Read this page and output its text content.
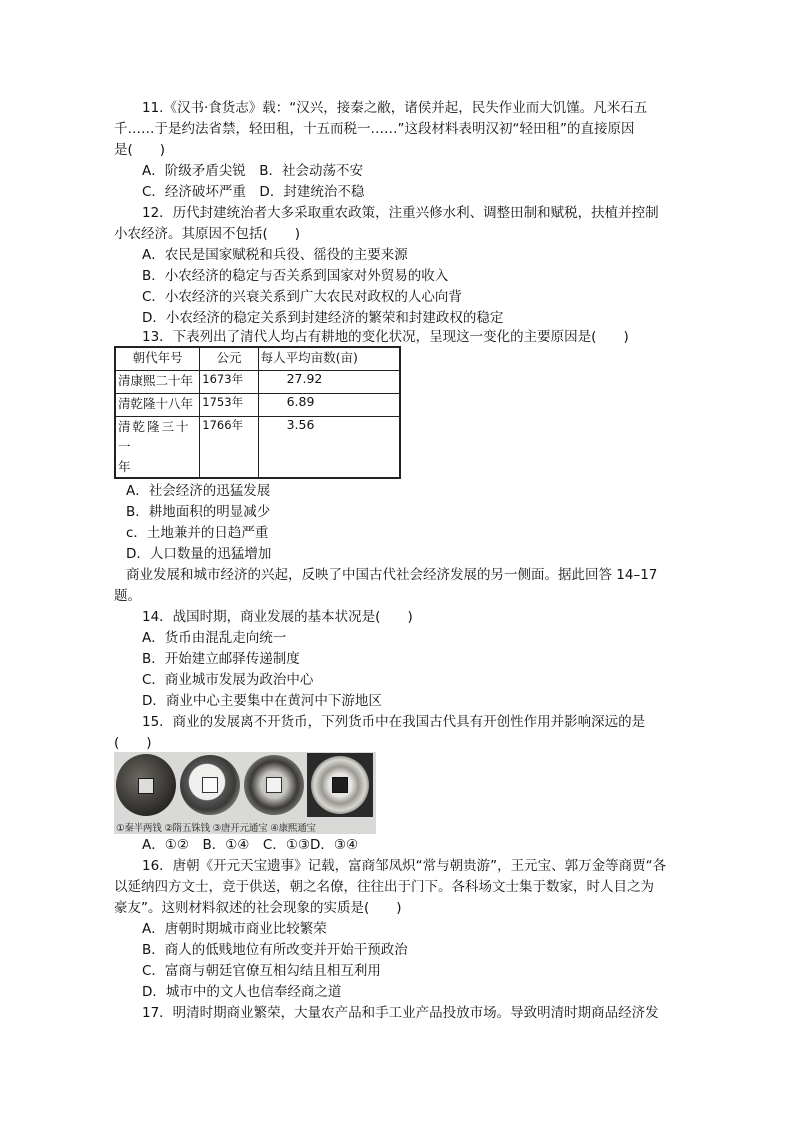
11.《汉书·食货志》载：“汉兴，接秦之敝，诸侯并起，民失作业而大饥馑。凡米石五
千……于是约法省禁，轻田租，十五而税一……”这段材料表明汉初“轻田租”的直接原因
是(　　)
A．阶级矛盾尖锐　B．社会动荡不安
C．经济破坏严重　D．封建统治不稳
12．历代封建统治者大多采取重农政策，注重兴修水利、调整田制和赋税，扶植并控制
小农经济。其原因不包括(　　)
A．农民是国家赋税和兵役、徭役的主要来源
B．小农经济的稳定与否关系到国家对外贸易的收入
C．小农经济的兴衰关系到广大农民对政权的人心向背
D．小农经济的稳定关系到封建经济的繁荣和封建政权的稳定
13．下表列出了清代人均占有耕地的变化状况，呈现这一变化的主要原因是(　　)
朝代年号	公元	每人平均亩数(亩)
清康熙二十年	1673年	27.92
清乾隆十八年	1753年	6.89
清乾隆三十一
年	1766年	3.56
A．社会经济的迅猛发展
B．耕地面积的明显减少
c．土地兼并的日趋严重
D．人口数量的迅猛增加
商业发展和城市经济的兴起，反映了中国古代社会经济发展的另一侧面。据此回答 14–17
题。
14．战国时期，商业发展的基本状况是(　　)
A．货币由混乱走向统一
B．开始建立邮驿传递制度
C．商业城市发展为政治中心
D．商业中心主要集中在黄河中下游地区
15．商业的发展离不开货币，下列货币中在我国古代具有开创性作用并影响深远的是
(　　)
①秦半两钱 ②隋五铢钱 ③唐开元通宝 ④康熙通宝
A．①②　B．①④　C．①③D．③④
16．唐朝《开元天宝遗事》记载，富商邹凤炽“常与朝贵游”，王元宝、郭万金等商贾“各
以延纳四方文士，竞于供送，朝之名僚，往往出于门下。各科场文士集于数家，时人目之为
豪友”。这则材料叙述的社会现象的实质是(　　)
A．唐朝时期城市商业比较繁荣
B．商人的低贱地位有所改变并开始干预政治
C．富商与朝廷官僚互相勾结且相互利用
D．城市中的文人也信奉经商之道
17．明清时期商业繁荣，大量农产品和手工业产品投放市场。导致明清时期商品经济发
